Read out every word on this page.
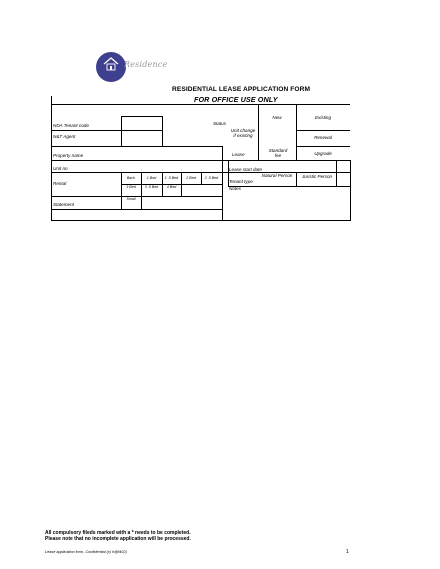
Residence
RESIDENTIAL LEASE APPLICATION FORM
FOR OFFICE USE ONLY
NDA Tenant code
N&T Agent
Property name
Unit no
Rental
Statement
Status
New	Existing
Unit change if existing	Renewal
Lease
Standard fee	Upgrade
Lease start date
Tenant type
Natural Person	Juristic Person
Notes
Bach	1 Bed	1 .5 Bed	2 Bed	2 .5 Bed
3 Bed	3 .5 Bed	4 Bed
Small
All compulsory fileds marked with a * needs to be completed.
Please note that no incomplete application will be processed.
Lease application form- Confidential (c) h@f402)	1
